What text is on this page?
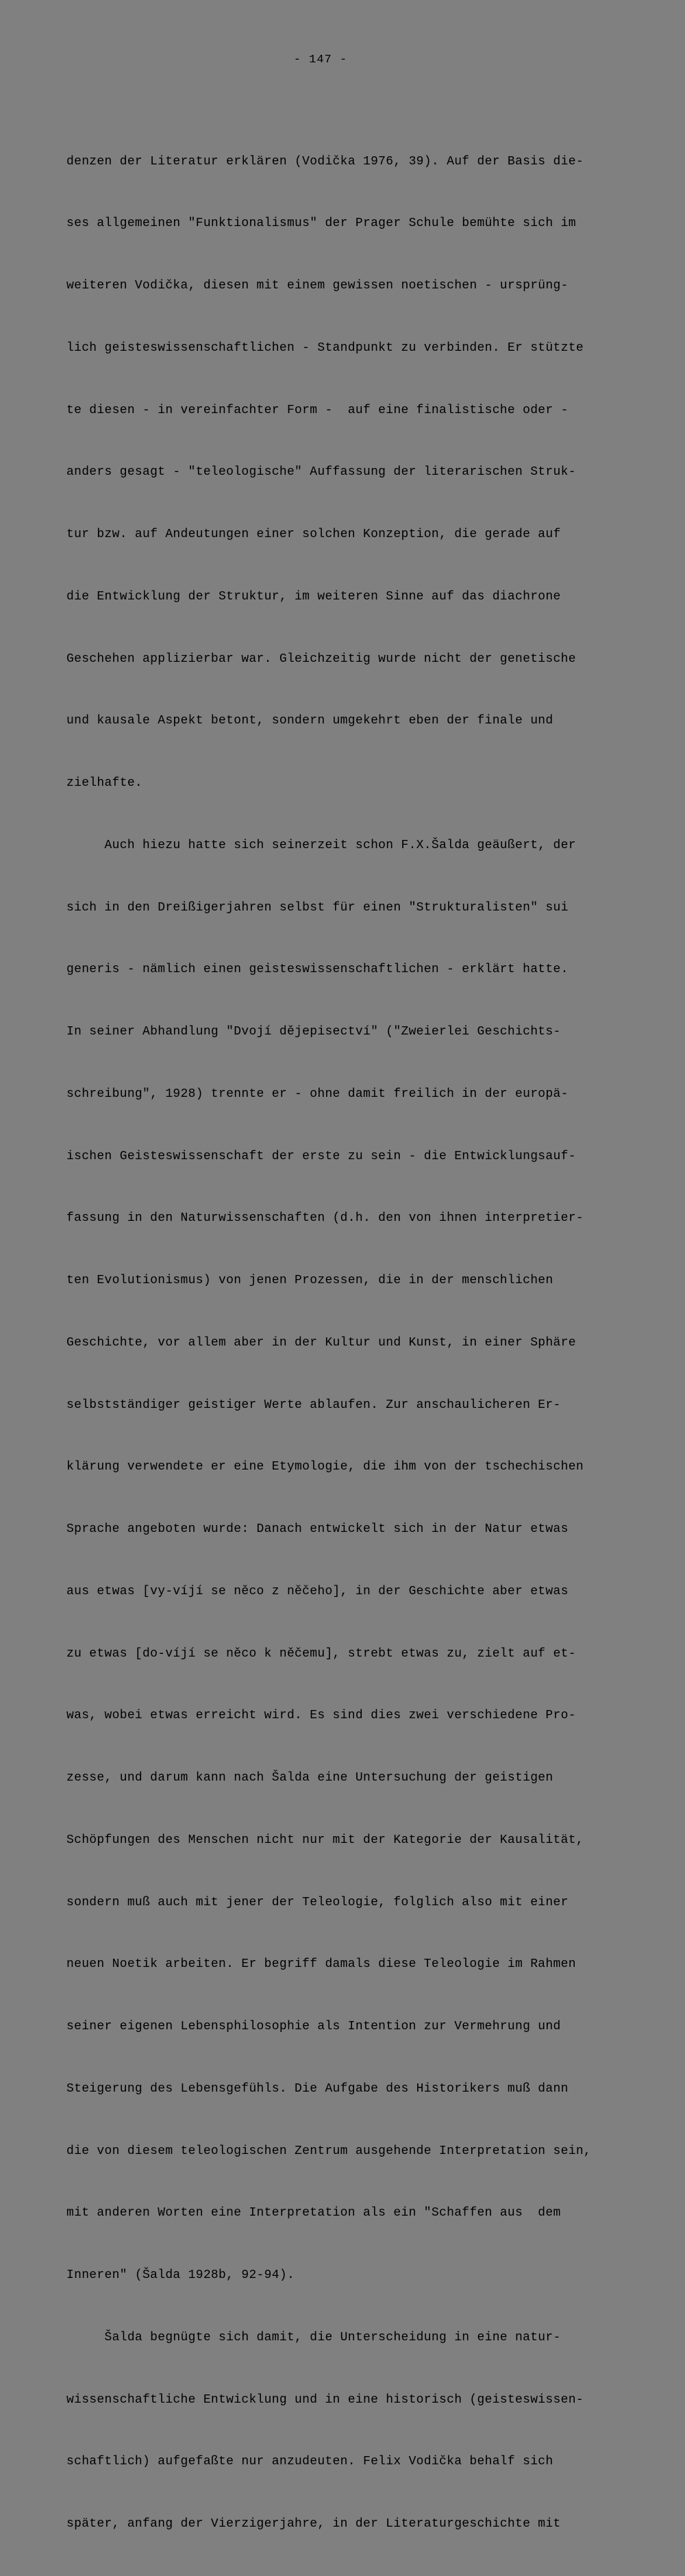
- 147 -

denzen der Literatur erklären (Vodička 1976, 39). Auf der Basis die-

ses allgemeinen "Funktionalismus" der Prager Schule bemühte sich im

weiteren Vodička, diesen mit einem gewissen noetischen - ursprüng-

lich geisteswissenschaftlichen - Standpunkt zu verbinden. Er stützte

te diesen - in vereinfachter Form -  auf eine finalistische oder -

anders gesagt - "teleologische" Auffassung der literarischen Struk-

tur bzw. auf Andeutungen einer solchen Konzeption, die gerade auf

die Entwicklung der Struktur, im weiteren Sinne auf das diachrone

Geschehen applizierbar war. Gleichzeitig wurde nicht der genetische

und kausale Aspekt betont, sondern umgekehrt eben der finale und

zielhafte.

Auch hiezu hatte sich seinerzeit schon F.X.Šalda geäußert, der

sich in den Dreißigerjahren selbst für einen "Strukturalisten" sui

generis - nämlich einen geisteswissenschaftlichen - erklärt hatte.

In seiner Abhandlung "Dvojí dějepisectví" ("Zweierlei Geschichts-

schreibung", 1928) trennte er - ohne damit freilich in der europä-

ischen Geisteswissenschaft der erste zu sein - die Entwicklungsauf-

fassung in den Naturwissenschaften (d.h. den von ihnen interpretier-

ten Evolutionismus) von jenen Prozessen, die in der menschlichen

Geschichte, vor allem aber in der Kultur und Kunst, in einer Sphäre

selbstständiger geistiger Werte ablaufen. Zur anschaulicheren Er-

klärung verwendete er eine Etymologie, die ihm von der tschechischen

Sprache angeboten wurde: Danach entwickelt sich in der Natur etwas

aus etwas [vy-víjí se něco z něčeho], in der Geschichte aber etwas

zu etwas [do-víjí se něco k něčemu], strebt etwas zu, zielt auf et-

was, wobei etwas erreicht wird. Es sind dies zwei verschiedene Pro-

zesse, und darum kann nach Šalda eine Untersuchung der geistigen

Schöpfungen des Menschen nicht nur mit der Kategorie der Kausalität,

sondern muß auch mit jener der Teleologie, folglich also mit einer

neuen Noetik arbeiten. Er begriff damals diese Teleologie im Rahmen

seiner eigenen Lebensphilosophie als Intention zur Vermehrung und

Steigerung des Lebensgefühls. Die Aufgabe des Historikers muß dann

die von diesem teleologischen Zentrum ausgehende Interpretation sein,

mit anderen Worten eine Interpretation als ein "Schaffen aus  dem

Inneren" (Šalda 1928b, 92-94).

Šalda begnügte sich damit, die Unterscheidung in eine natur-

wissenschaftliche Entwicklung und in eine historisch (geisteswissen-

schaftlich) aufgefaßte nur anzudeuten. Felix Vodička behalf sich

später, anfang der Vierzigerjahre, in der Literaturgeschichte mit
